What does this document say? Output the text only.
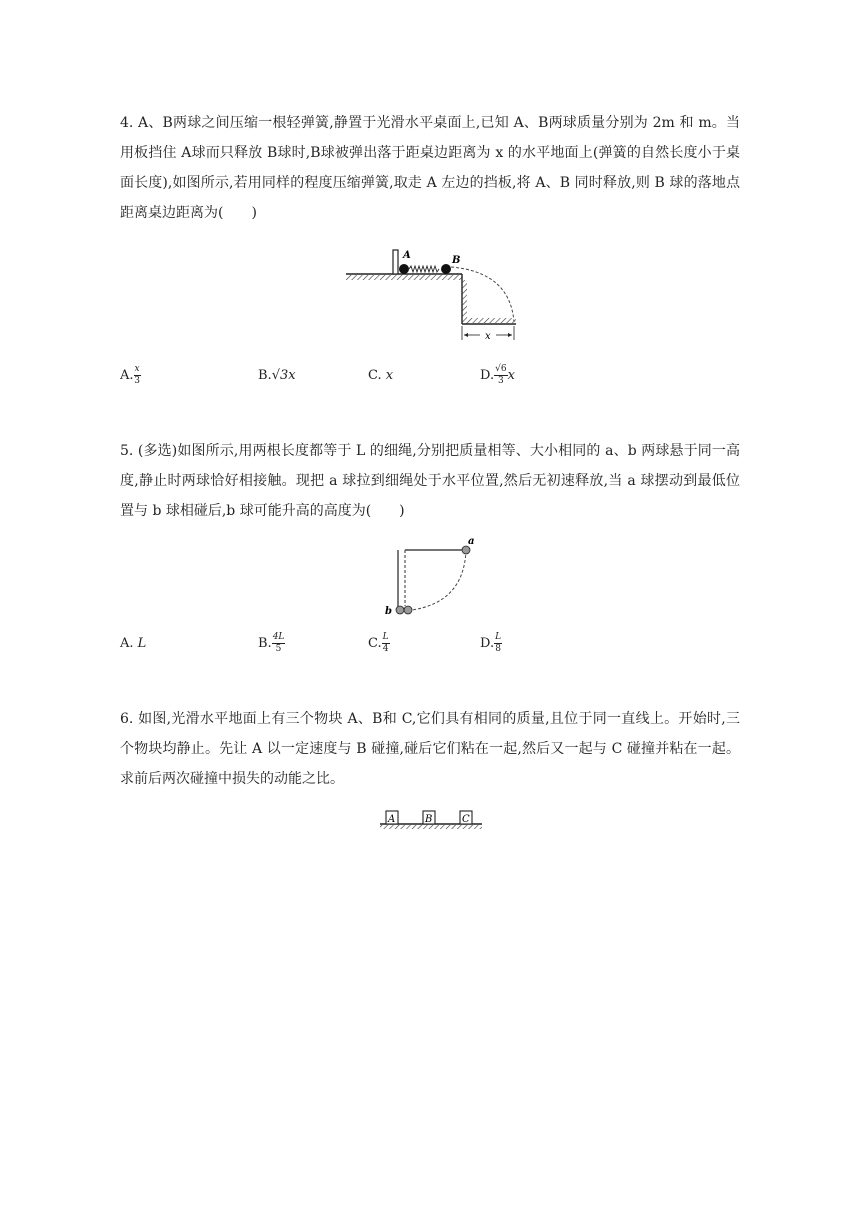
4. A、B两球之间压缩一根轻弹簧,静置于光滑水平桌面上,已知 A、B两球质量分别为 2m 和 m。当用板挡住 A球而只释放 B球时,B球被弹出落于距桌边距离为 x 的水平地面上(弹簧的自然长度小于桌面长度),如图所示,若用同样的程度压缩弹簧,取走 A 左边的挡板,将 A、B 同时释放,则 B 球的落地点距离桌边距离为(　　)

A	B
x
A. $\frac{x}{3}$	B.√3x	C. x	D. $\frac{√6}{3}$ x

5. (多选)如图所示,用两根长度都等于 L 的细绳,分别把质量相等、大小相同的 a、b 两球悬于同一高度,静止时两球恰好相接触。现把 a 球拉到细绳处于水平位置,然后无初速释放,当 a 球摆动到最低位置与 b 球相碰后,b 球可能升高的高度为(　　)

a
b
A. L	B. $\frac{4L}{5}$	C. $\frac{L}{4}$	D. $\frac{L}{8}$

6. 如图,光滑水平地面上有三个物块 A、B和 C,它们具有相同的质量,且位于同一直线上。开始时,三个物块均静止。先让 A 以一定速度与 B 碰撞,碰后它们粘在一起,然后又一起与 C 碰撞并粘在一起。求前后两次碰撞中损失的动能之比。

A	B	C
